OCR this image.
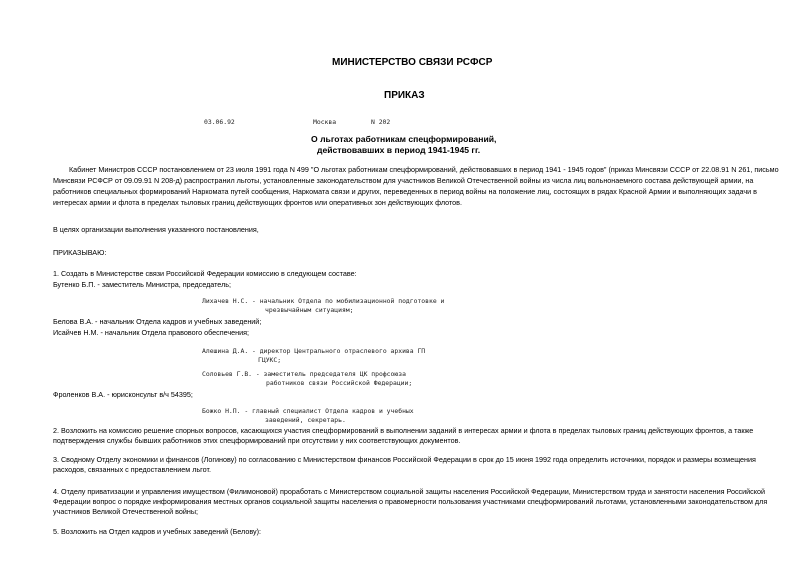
МИНИСТЕРСТВО СВЯЗИ РСФСР
ПРИКАЗ
03.06.92	Москва	N 202
О льготах работникам спецформирований,
действовавших в период 1941-1945 гг.
Кабинет Министров СССР постановлением от 23 июля 1991 года N 499 "О льготах работникам спецформирований, действовавших в период 1941 - 1945 годов" (приказ Минсвязи СССР от 22.08.91 N 261, письмо
Минсвязи РСФСР от 09.09.91 N 208-д) распространил льготы, установленные законодательством для участников Великой Отечественной войны из числа лиц вольнонаемного состава действующей армии, на
работников специальных формирований Наркомата путей сообщения, Наркомата связи и других, переведенных в период войны на положение лиц, состоящих в рядах Красной Армии и выполняющих задачи в
интересах армии и флота в пределах тыловых границ действующих фронтов или оперативных зон действующих флотов.
В целях организации выполнения указанного постановления,
ПРИКАЗЫВАЮ:
1. Создать в Министерстве связи Российской Федерации комиссию в следующем составе:
Бутенко Б.П. - заместитель Министра, председатель;
Лихачев Н.С. - начальник Отдела по мобилизационной подготовке и
чрезвычайным ситуациям;
Белова В.А. - начальник Отдела кадров и учебных заведений;
Исайчев Н.М. - начальник Отдела правового обеспечения;
Алешина Д.А. - директор Центрального отраслевого архива ГП
ГЦУКС;
Соловьев Г.В. - заместитель председателя ЦК профсоюза
работников связи Российской Федерации;
Фроленков В.А. - юрисконсульт в/ч 54395;
Божко Н.П. - главный специалист Отдела кадров и учебных
заведений, секретарь.
2. Возложить на комиссию решение спорных вопросов, касающихся участия спецформирований в выполнении заданий в интересах армии и флота в пределах тыловых границ действующих фронтов, а также
подтверждения службы бывших работников этих спецформирований при отсутствии у них соответствующих документов.
3. Сводному Отделу экономики и финансов (Логинову) по согласованию с Министерством финансов Российской Федерации в срок до 15 июня 1992 года определить источники, порядок и размеры возмещения
расходов, связанных с предоставлением льгот.
4. Отделу приватизации и управления имуществом (Филимоновой) проработать с Министерством социальной защиты населения Российской Федерации, Министерством труда и занятости населения Российской
Федерации вопрос о порядке информирования местных органов социальной защиты населения о правомерности пользования участниками спецформирований льготами, установленными законодательством для
участников Великой Отечественной войны;
5. Возложить на Отдел кадров и учебных заведений (Белову):
